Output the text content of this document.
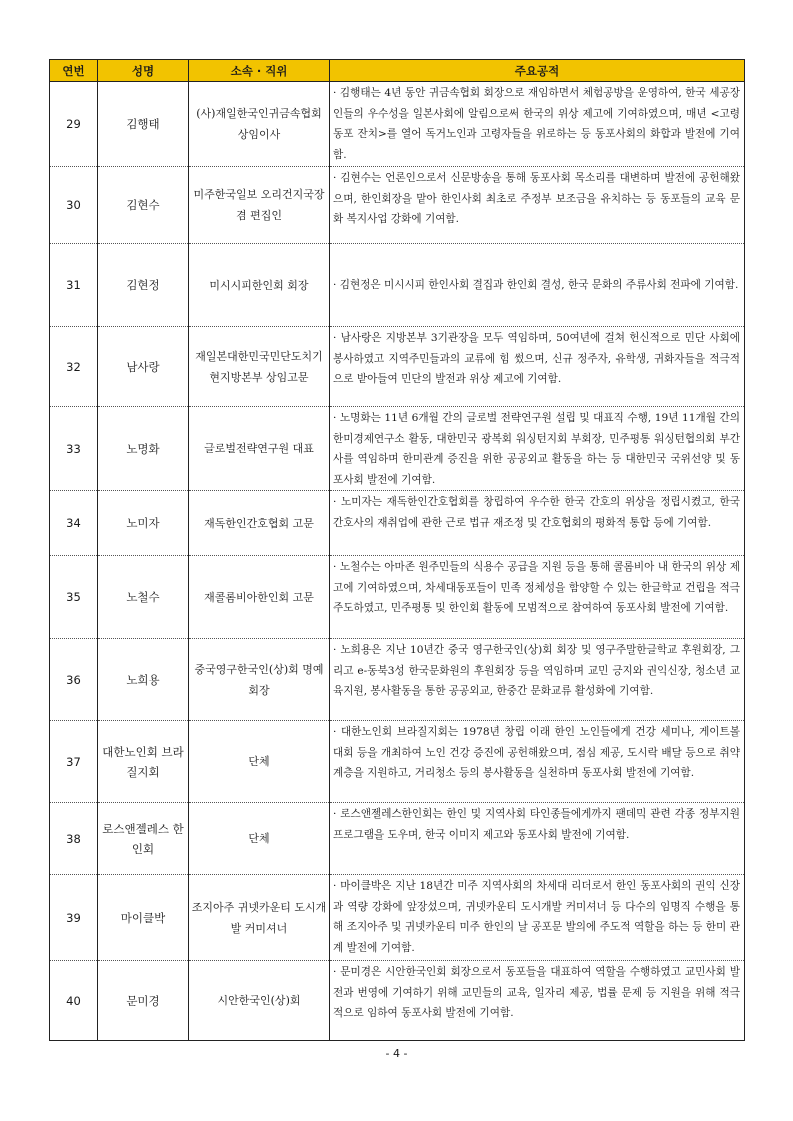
연번	성명	소속 · 직위	주요공적
29	김행태	(사)재일한국인귀금속협회 상임이사	· 김행태는 4년 동안 귀금속협회 회장으로 재임하면서 체험공방을 운영하여, 한국 세공장인들의 우수성을 일본사회에 알림으로써 한국의 위상 제고에 기여하였으며, 매년 <고령동포 잔치>를 열어 독거노인과 고령자들을 위로하는 등 동포사회의 화합과 발전에 기여함.
30	김현수	미주한국일보 오리건지국장 겸 편집인	· 김현수는 언론인으로서 신문방송을 통해 동포사회 목소리를 대변하며 발전에 공헌해왔으며, 한인회장을 맡아 한인사회 최초로 주정부 보조금을 유치하는 등 동포들의 교육 문화 복지사업 강화에 기여함.
31	김현정	미시시피한인회 회장	· 김현정은 미시시피 한인사회 결집과 한인회 결성, 한국 문화의 주류사회 전파에 기여함.
32	남사랑	재일본대한민국민단도치기현지방본부 상임고문	· 남사랑은 지방본부 3기관장을 모두 역임하며, 50여년에 걸쳐 헌신적으로 민단 사회에 봉사하였고 지역주민들과의 교류에 힘 썼으며, 신규 정주자, 유학생, 귀화자들을 적극적으로 받아들여 민단의 발전과 위상 제고에 기여함.
33	노명화	글로벌전략연구원 대표	· 노명화는 11년 6개월 간의 글로벌 전략연구원 설립 및 대표직 수행, 19년 11개월 간의 한미경제연구소 활동, 대한민국 광복회 워싱턴지회 부회장, 민주평통 워싱턴협의회 부간사를 역임하며 한미관계 증진을 위한 공공외교 활동을 하는 등 대한민국 국위선양 및 동포사회 발전에 기여함.
34	노미자	재독한인간호협회 고문	· 노미자는 재독한인간호협회를 창립하여 우수한 한국 간호의 위상을 정립시켰고, 한국 간호사의 재취업에 관한 근로 법규 재조정 및 간호협회의 평화적 통합 등에 기여함.
35	노철수	재콜롬비아한인회 고문	· 노철수는 아마존 원주민들의 식용수 공급을 지원 등을 통해 콜롬비아 내 한국의 위상 제고에 기여하였으며, 차세대동포들이 민족 정체성을 함양할 수 있는 한글학교 건립을 적극 주도하였고, 민주평통 및 한인회 활동에 모범적으로 참여하여 동포사회 발전에 기여함.
36	노희용	중국영구한국인(상)회 명예회장	· 노희용은 지난 10년간 중국 영구한국인(상)회 회장 및 영구주말한글학교 후원회장, 그리고 e-동북3성 한국문화원의 후원회장 등을 역임하며 교민 긍지와 권익신장, 청소년 교육지원, 봉사활동을 통한 공공외교, 한중간 문화교류 활성화에 기여함.
37	대한노인회 브라질지회	단체	· 대한노인회 브라질지회는 1978년 창립 이래 한인 노인들에게 건강 세미나, 게이트볼 대회 등을 개최하여 노인 건강 증진에 공헌해왔으며, 점심 제공, 도시락 배달 등으로 취약계층을 지원하고, 거리청소 등의 봉사활동을 실천하며 동포사회 발전에 기여함.
38	로스앤젤레스 한인회	단체	· 로스앤젤레스한인회는 한인 및 지역사회 타인종들에게까지 팬데믹 관련 각종 정부지원 프로그램을 도우며, 한국 이미지 제고와 동포사회 발전에 기여함.
39	마이클박	조지아주 귀넷카운티 도시개발 커미셔너	· 마이클박은 지난 18년간 미주 지역사회의 차세대 리더로서 한인 동포사회의 권익 신장과 역량 강화에 앞장섰으며, 귀넷카운티 도시개발 커미셔너 등 다수의 임명직 수행을 통해 조지아주 및 귀넷카운티 미주 한인의 날 공포문 발의에 주도적 역할을 하는 등 한미 관계 발전에 기여함.
40	문미경	시안한국인(상)회	· 문미경은 시안한국인회 회장으로서 동포들을 대표하여 역할을 수행하였고 교민사회 발전과 번영에 기여하기 위해 교민들의 교육, 일자리 제공, 법률 문제 등 지원을 위해 적극적으로 임하여 동포사회 발전에 기여함.
- 4 -
